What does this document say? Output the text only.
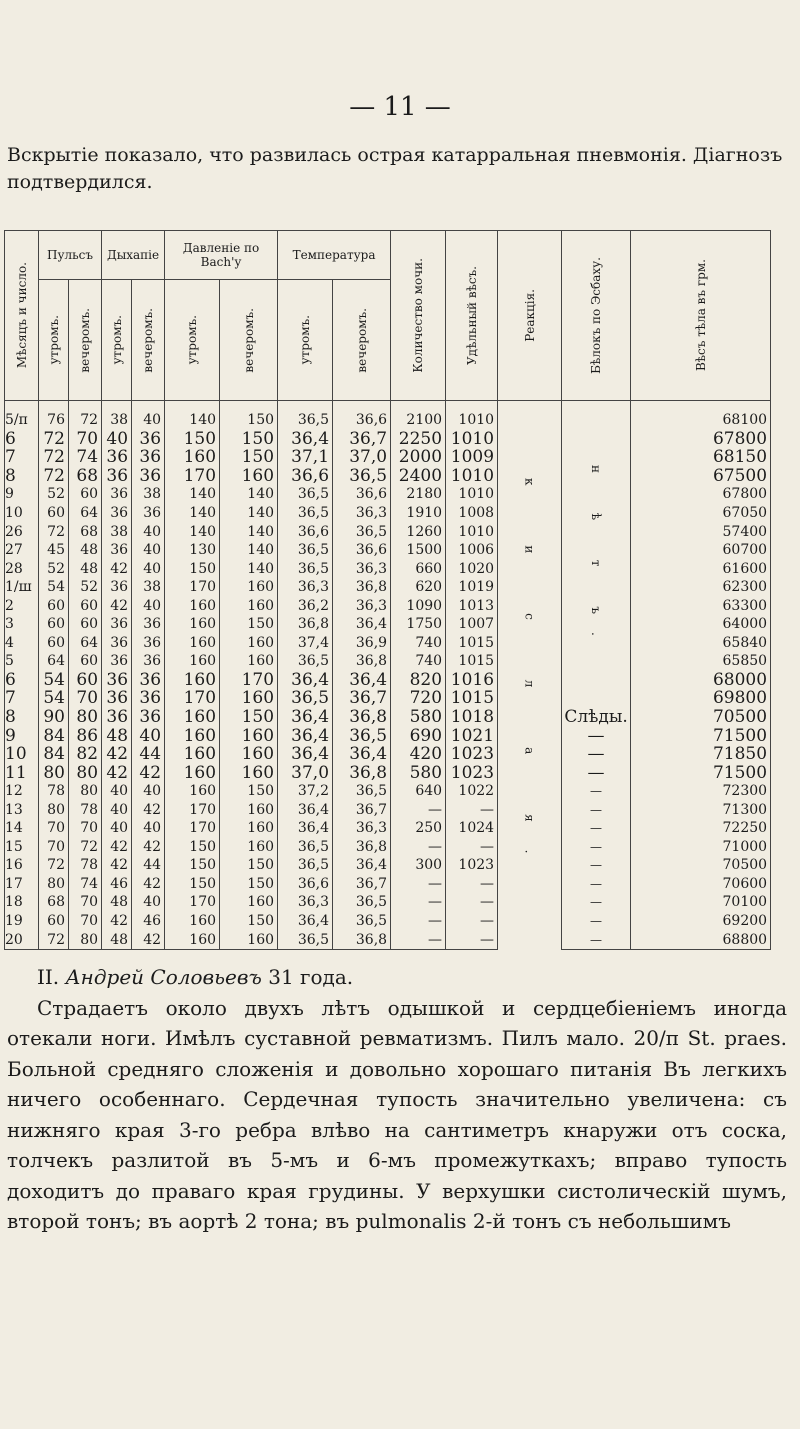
— 11 —
Вскрытіе показало, что развилась острая катарральная пневмонія. Діагнозъ подтвердился.
Мѣсяцъ и число.	Пульсъ		Дыхапіе		Давленіе по Васh'у		Температура		Количество мочи.	Удѣльный вѣсъ.	Реакція.	Бѣлокъ по Эсбаху.	Вѣсъ тѣла въ грм.

	утромъ.	вечеромъ.	утромъ.	вечеромъ.	утромъ.	вечеромъ.	утромъ.	вечеромъ.					

5/п	76	72	38	40	140	150	36,5	36,6	2100	1010	к и с л а я.	н ѣ т ъ.	68100
6	72	70	40	36	150	150	36,4	36,7	2250	1010			67800
7	72	74	36	36	160	150	37,1	37,0	2000	1009			68150
8	72	68	36	36	170	160	36,6	36,5	2400	1010			67500
9	52	60	36	38	140	140	36,5	36,6	2180	1010			67800
10	60	64	36	36	140	140	36,5	36,3	1910	1008			67050
26	72	68	38	40	140	140	36,6	36,5	1260	1010			57400
27	45	48	36	40	130	140	36,5	36,6	1500	1006			60700
28	52	48	42	40	150	140	36,5	36,3	660	1020			61600
1/ш	54	52	36	38	170	160	36,3	36,8	620	1019			62300
2	60	60	42	40	160	160	36,2	36,3	1090	1013			63300
3	60	60	36	36	160	150	36,8	36,4	1750	1007			64000
4	60	64	36	36	160	160	37,4	36,9	740	1015			65840
5	64	60	36	36	160	160	36,5	36,8	740	1015			65850
6	54	60	36	36	160	170	36,4	36,4	820	1016			68000
7	54	70	36	36	170	160	36,5	36,7	720	1015			69800
8	90	80	36	36	160	150	36,4	36,8	580	1018		Слѣды.	70500
9	84	86	48	40	160	160	36,4	36,5	690	1021		—	71500
10	84	82	42	44	160	160	36,4	36,4	420	1023		—	71850
11	80	80	42	42	160	160	37,0	36,8	580	1023		—	71500
12	78	80	40	40	160	150	37,2	36,5	640	1022		—	72300
13	80	78	40	42	170	160	36,4	36,7	—	—		—	71300
14	70	70	40	40	170	160	36,4	36,3	250	1024		—	72250
15	70	72	42	42	150	160	36,5	36,8	—	—		—	71000
16	72	78	42	44	150	150	36,5	36,4	300	1023		—	70500
17	80	74	46	42	150	150	36,6	36,7	—	—		—	70600
18	68	70	48	40	170	160	36,3	36,5	—	—		—	70100
19	60	70	42	46	160	150	36,4	36,5	—	—		—	69200
20	72	80	48	42	160	160	36,5	36,8	—	—		—	68800

II. Андрей Соловьевъ 31 года.

Страдаетъ около двухъ лѣтъ одышкой и сердцебіеніемъ иногда отекали ноги. Имѣлъ суставной ревматизмъ. Пилъ мало. 20/п St. praes. Больной средняго сложенія и довольно хорошаго питанія Въ легкихъ ничего особеннаго. Сердечная тупость значительно увеличена: съ нижняго края 3-го ребра влѣво на сантиметръ кнаружи отъ соска, толчекъ разлитой въ 5-мъ и 6-мъ промежуткахъ; вправо тупость доходитъ до праваго края грудины. У верхушки систолическій шумъ, второй тонъ; въ аортѣ 2 тона; въ pulmonalis 2-й тонъ съ небольшимъ
